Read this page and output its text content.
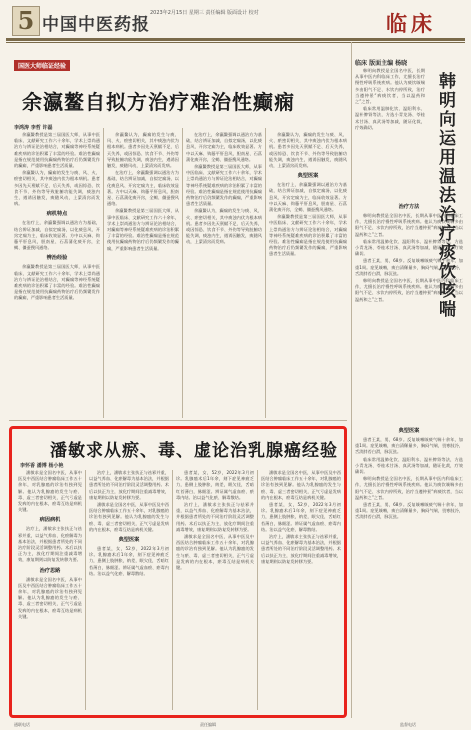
5 中国中医药报
2023年2月15日 星期三 责任编辑 版面设计 校对	临床
国医大师临证经验
余瀛鳌自拟方治疗难治性癫痫
李鸿涛 李哲 许磊

余瀛鳌教授是第三届国医大师，从事中医临床、文献研究工作六十余年，学术上崇尚通治方与辨证论治相结合，对癫痫等神经系统疑难疾病的诊治积累了丰富的经验。难治性癫痫是指在规范使用抗癫痫药物治疗后仍频繁发作的癫痫，严重影响患者生活质量。

余瀛鳌认为，癫痫的发生与痰、风、火、瘀密切相关，其中痰浊内伏为根本病机。患者多因先天禀赋不足、后天失养，或因惊恐、饮食不节、外伤等导致脏腑功能失调，痰浊内生，遇诱因触发，痰随风动，上蒙清窍而发病。

病机特点

在治疗上，余瀛鳌强调以通治方为基础，结合辨证加减，自拟定痫汤，以化痰息风、开窍定痫为主，临床收效显著。方中以天麻、钩藤平肝息风，胆南星、石菖蒲化痰开窍，全蝎、僵蚕搜风通络。

辨治经验

余瀛鳌教授是第三届国医大师，从事中医临床、文献研究工作六十余年，学术上崇尚通治方与辨证论治相结合，对癫痫等神经系统疑难疾病的诊治积累了丰富的经验。难治性癫痫是指在规范使用抗癫痫药物治疗后仍频繁发作的癫痫，严重影响患者生活质量。

余瀛鳌认为，癫痫的发生与痰、风、火、瘀密切相关，其中痰浊内伏为根本病机。患者多因先天禀赋不足、后天失养，或因惊恐、饮食不节、外伤等导致脏腑功能失调，痰浊内生，遇诱因触发，痰随风动，上蒙清窍而发病。

在治疗上，余瀛鳌强调以通治方为基础，结合辨证加减，自拟定痫汤，以化痰息风、开窍定痫为主，临床收效显著。方中以天麻、钩藤平肝息风，胆南星、石菖蒲化痰开窍，全蝎、僵蚕搜风通络。

余瀛鳌教授是第三届国医大师，从事中医临床、文献研究工作六十余年，学术上崇尚通治方与辨证论治相结合，对癫痫等神经系统疑难疾病的诊治积累了丰富的经验。难治性癫痫是指在规范使用抗癫痫药物治疗后仍频繁发作的癫痫，严重影响患者生活质量。

在治疗上，余瀛鳌强调以通治方为基础，结合辨证加减，自拟定痫汤，以化痰息风、开窍定痫为主，临床收效显著。方中以天麻、钩藤平肝息风，胆南星、石菖蒲化痰开窍，全蝎、僵蚕搜风通络。

余瀛鳌教授是第三届国医大师，从事中医临床、文献研究工作六十余年，学术上崇尚通治方与辨证论治相结合，对癫痫等神经系统疑难疾病的诊治积累了丰富的经验。难治性癫痫是指在规范使用抗癫痫药物治疗后仍频繁发作的癫痫，严重影响患者生活质量。

余瀛鳌认为，癫痫的发生与痰、风、火、瘀密切相关，其中痰浊内伏为根本病机。患者多因先天禀赋不足、后天失养，或因惊恐、饮食不节、外伤等导致脏腑功能失调，痰浊内生，遇诱因触发，痰随风动，上蒙清窍而发病。

余瀛鳌认为，癫痫的发生与痰、风、火、瘀密切相关，其中痰浊内伏为根本病机。患者多因先天禀赋不足、后天失养，或因惊恐、饮食不节、外伤等导致脏腑功能失调，痰浊内生，遇诱因触发，痰随风动，上蒙清窍而发病。

典型医案

在治疗上，余瀛鳌强调以通治方为基础，结合辨证加减，自拟定痫汤，以化痰息风、开窍定痫为主，临床收效显著。方中以天麻、钩藤平肝息风，胆南星、石菖蒲化痰开窍，全蝎、僵蚕搜风通络。

余瀛鳌教授是第三届国医大师，从事中医临床、文献研究工作六十余年，学术上崇尚通治方与辨证论治相结合，对癫痫等神经系统疑难疾病的诊治积累了丰富的经验。难治性癫痫是指在规范使用抗癫痫药物治疗后仍频繁发作的癫痫，严重影响患者生活质量。

临床 版面主编 杨晓
韩明向运用温法治疗痰饮咳喘

韩明向教授是全国名中医，长期从事中医内科临床工作，尤擅长治疗慢性呼吸系统疾病。他认为痰饮咳喘多由阳气不足、水饮内停所致，治疗当遵仲景“病痰饮者，当以温药和之”之旨。

临床常用温肺化饮、温阳利水、温补脾肾等法，方选小青龙汤、苓桂术甘汤、真武汤等加减，随证化裁，疗效确切。

治疗方法

韩明向教授是全国名中医，长期从事中医内科临床工作，尤擅长治疗慢性呼吸系统疾病。他认为痰饮咳喘多由阳气不足、水饮内停所致，治疗当遵仲景“病痰饮者，当以温药和之”之旨。

临床常用温肺化饮、温阳利水、温补脾肾等法，方选小青龙汤、苓桂术甘汤、真武汤等加减，随证化裁，疗效确切。

患者王某，男，68岁。反复咳嗽咳痰气喘十余年，加重1周。症见咳嗽，痰白清稀量多，胸闷气喘，畏寒肢冷，舌淡胖苔白滑，脉沉弦。

韩明向教授是全国名中医，长期从事中医内科临床工作，尤擅长治疗慢性呼吸系统疾病。他认为痰饮咳喘多由阳气不足、水饮内停所致，治疗当遵仲景“病痰饮者，当以温药和之”之旨。

典型医案

患者王某，男，68岁。反复咳嗽咳痰气喘十余年，加重1周。症见咳嗽，痰白清稀量多，胸闷气喘，畏寒肢冷，舌淡胖苔白滑，脉沉弦。

临床常用温肺化饮、温阳利水、温补脾肾等法，方选小青龙汤、苓桂术甘汤、真武汤等加减，随证化裁，疗效确切。

韩明向教授是全国名中医，长期从事中医内科临床工作，尤擅长治疗慢性呼吸系统疾病。他认为痰饮咳喘多由阳气不足、水饮内停所致，治疗当遵仲景“病痰饮者，当以温药和之”之旨。

患者王某，男，68岁。反复咳嗽咳痰气喘十余年，加重1周。症见咳嗽，痰白清稀量多，胸闷气喘，畏寒肢冷，舌淡胖苔白滑，脉沉弦。

潘敏求从瘀、毒、虚论治乳腺癌经验
李怀香 潘博 杨小艳

潘敏求是全国名中医，从事中医及中西医结合肿瘤临床工作五十余年，对乳腺癌的诊治有独到见解。他认为乳腺癌的发生与瘀、毒、虚三者密切相关，正气亏虚是发病的内在根本，瘀毒互结是病机关键。

病因病机

治疗上，潘敏求主张扶正与祛邪并重，以益气养血、化瘀解毒为基本治法，并根据患者所处的不同治疗阶段灵活调整用药。术后以扶正为主，放化疗期间注重减毒增效，康复期则以防复发转移为要。

治疗思路

潘敏求是全国名中医，从事中医及中西医结合肿瘤临床工作五十余年，对乳腺癌的诊治有独到见解。他认为乳腺癌的发生与瘀、毒、虚三者密切相关，正气亏虚是发病的内在根本，瘀毒互结是病机关键。

治疗上，潘敏求主张扶正与祛邪并重，以益气养血、化瘀解毒为基本治法，并根据患者所处的不同治疗阶段灵活调整用药。术后以扶正为主，放化疗期间注重减毒增效，康复期则以防复发转移为要。

潘敏求是全国名中医，从事中医及中西医结合肿瘤临床工作五十余年，对乳腺癌的诊治有独到见解。他认为乳腺癌的发生与瘀、毒、虚三者密切相关，正气亏虚是发病的内在根本，瘀毒互结是病机关键。

典型医案

患者某，女，52岁，2022年3月初诊。乳腺癌术后1年余，刻下症见神疲乏力，患侧上肢肿胀，纳差，眠欠佳，舌暗红苔薄白，脉细涩。辨证属气虚血瘀、瘀毒内结。治以益气化瘀、解毒散结。

患者某，女，52岁，2022年3月初诊。乳腺癌术后1年余，刻下症见神疲乏力，患侧上肢肿胀，纳差，眠欠佳，舌暗红苔薄白，脉细涩。辨证属气虚血瘀、瘀毒内结。治以益气化瘀、解毒散结。

治疗上，潘敏求主张扶正与祛邪并重，以益气养血、化瘀解毒为基本治法，并根据患者所处的不同治疗阶段灵活调整用药。术后以扶正为主，放化疗期间注重减毒增效，康复期则以防复发转移为要。

潘敏求是全国名中医，从事中医及中西医结合肿瘤临床工作五十余年，对乳腺癌的诊治有独到见解。他认为乳腺癌的发生与瘀、毒、虚三者密切相关，正气亏虚是发病的内在根本，瘀毒互结是病机关键。

潘敏求是全国名中医，从事中医及中西医结合肿瘤临床工作五十余年，对乳腺癌的诊治有独到见解。他认为乳腺癌的发生与瘀、毒、虚三者密切相关，正气亏虚是发病的内在根本，瘀毒互结是病机关键。

患者某，女，52岁，2022年3月初诊。乳腺癌术后1年余，刻下症见神疲乏力，患侧上肢肿胀，纳差，眠欠佳，舌暗红苔薄白，脉细涩。辨证属气虚血瘀、瘀毒内结。治以益气化瘀、解毒散结。

治疗上，潘敏求主张扶正与祛邪并重，以益气养血、化瘀解毒为基本治法，并根据患者所处的不同治疗阶段灵活调整用药。术后以扶正为主，放化疗期间注重减毒增效，康复期则以防复发转移为要。

通联电话	责任编辑	监督电话
